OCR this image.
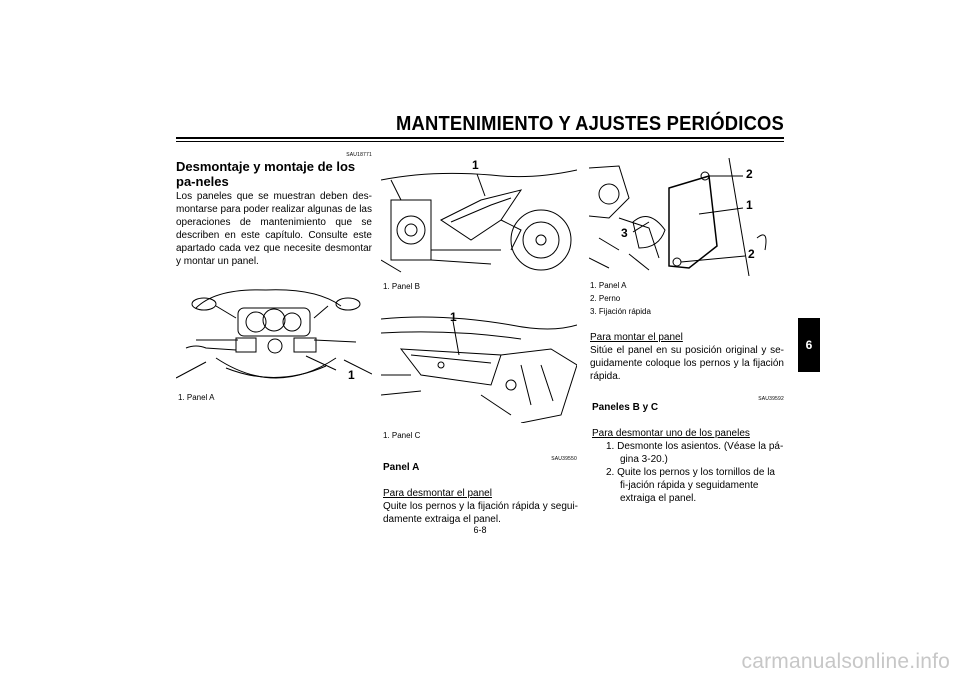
MANTENIMIENTO Y AJUSTES PERIÓDICOS
6
SAU18771
Desmontaje y montaje de los pa-neles
Los paneles que se muestran deben des-montarse para poder realizar algunas de las operaciones de mantenimiento que se describen en este capítulo. Consulte este apartado cada vez que necesite desmontar y montar un panel.
1
1. Panel A
1
1. Panel B
1
1. Panel C
SAU39550
Panel A
Para desmontar el panel
Quite los pernos y la fijación rápida y segui-damente extraiga el panel.
2
1
3
2
1. Panel A
2. Perno
3. Fijación rápida
Para montar el panel
Sitúe el panel en su posición original y se-guidamente coloque los pernos y la fijación rápida.
SAU39592
Paneles B y C
Para desmontar uno de los paneles
1. Desmonte los asientos. (Véase la pá-gina 3-20.)
2. Quite los pernos y los tornillos de la fi-jación rápida y seguidamente extraiga el panel.
6-8
carmanualsonline.info
